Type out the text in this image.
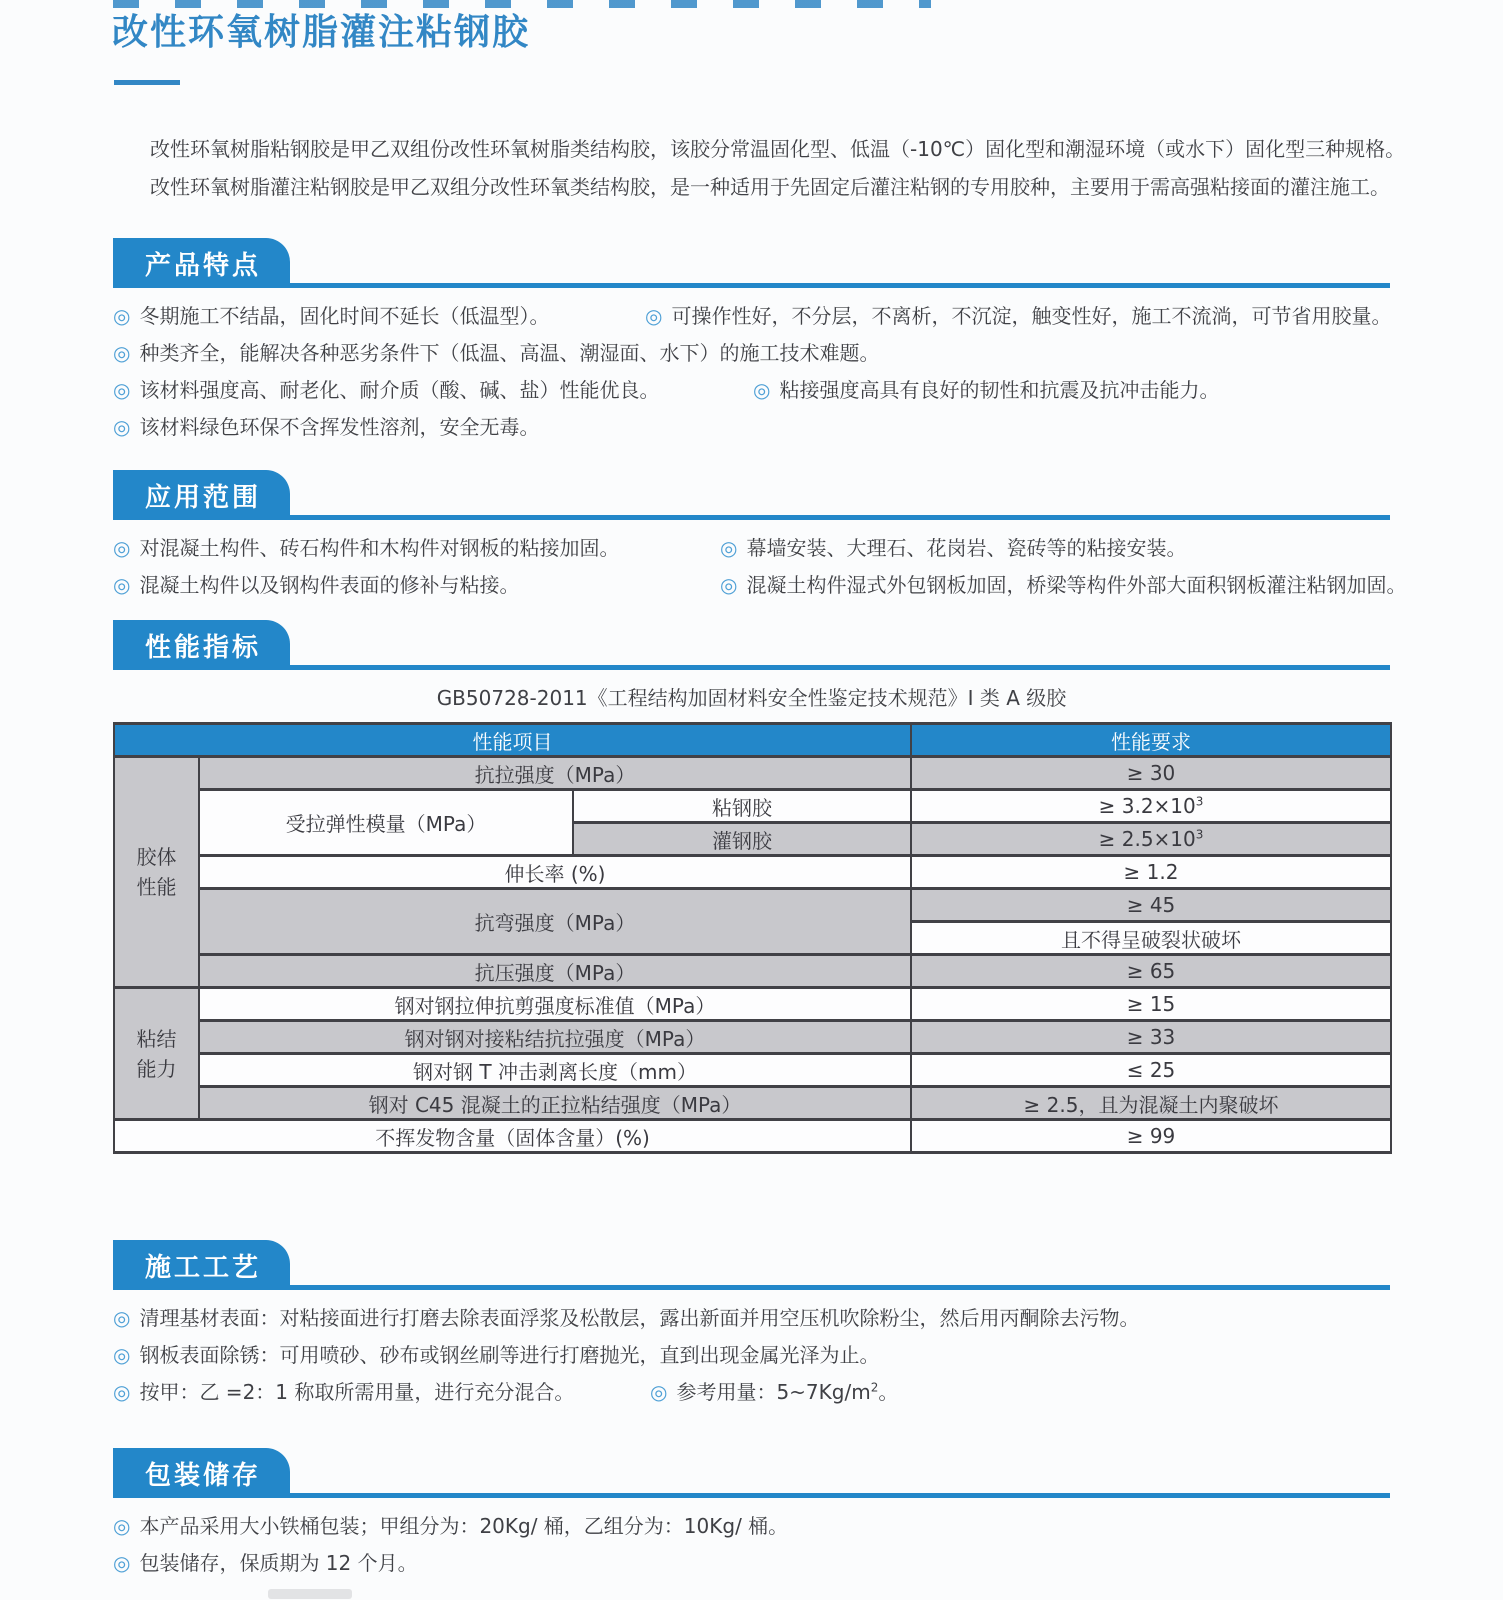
改性环氧树脂灌注粘钢胶
改性环氧树脂粘钢胶是甲乙双组份改性环氧树脂类结构胶，该胶分常温固化型、低温（-10℃）固化型和潮湿环境（或水下）固化型三种规格。
改性环氧树脂灌注粘钢胶是甲乙双组分改性环氧类结构胶，是一种适用于先固定后灌注粘钢的专用胶种，主要用于需高强粘接面的灌注施工。
产品特点
◎ 冬期施工不结晶，固化时间不延长（低温型）。	◎ 可操作性好，不分层，不离析，不沉淀，触变性好，施工不流淌，可节省用胶量。
◎ 种类齐全，能解决各种恶劣条件下（低温、高温、潮湿面、水下）的施工技术难题。
◎ 该材料强度高、耐老化、耐介质（酸、碱、盐）性能优良。	◎ 粘接强度高具有良好的韧性和抗震及抗冲击能力。
◎ 该材料绿色环保不含挥发性溶剂，安全无毒。
应用范围
◎ 对混凝土构件、砖石构件和木构件对钢板的粘接加固。	◎ 幕墙安装、大理石、花岗岩、瓷砖等的粘接安装。
◎ 混凝土构件以及钢构件表面的修补与粘接。	◎ 混凝土构件湿式外包钢板加固，桥梁等构件外部大面积钢板灌注粘钢加固。
性能指标
GB50728-2011《工程结构加固材料安全性鉴定技术规范》I 类 A 级胶
性能项目			性能要求
胶体性能	抗拉强度（MPa）		≥ 30
	受拉弹性模量（MPa）	粘钢胶	≥ $3.2\times 10^3$
		灌钢胶	≥ $2.5\times 10^3$
	伸长率 (%)		≥ 1.2
	抗弯强度（MPa）		≥ 45
			且不得呈破裂状破坏
	抗压强度（MPa）		≥ 65
粘结能力	钢对钢拉伸抗剪强度标准值（MPa）		≥ 15
	钢对钢对接粘结抗拉强度（MPa）		≥ 33
	钢对钢 T 冲击剥离长度（mm）		≤ 25
	钢对 C45 混凝土的正拉粘结强度（MPa）		≥ 2.5，且为混凝土内聚破坏
不挥发物含量（固体含量）(%)			≥ 99
施工工艺
◎ 清理基材表面：对粘接面进行打磨去除表面浮浆及松散层，露出新面并用空压机吹除粉尘，然后用丙酮除去污物。
◎ 钢板表面除锈：可用喷砂、砂布或钢丝刷等进行打磨抛光，直到出现金属光泽为止。
◎ 按甲：乙 =2：1 称取所需用量，进行充分混合。	◎ 参考用量：$5\sim 7Kg/m^2$。
包装储存
◎ 本产品采用大小铁桶包装；甲组分为：20Kg/ 桶，乙组分为：10Kg/ 桶。
◎ 包装储存，保质期为 12 个月。
